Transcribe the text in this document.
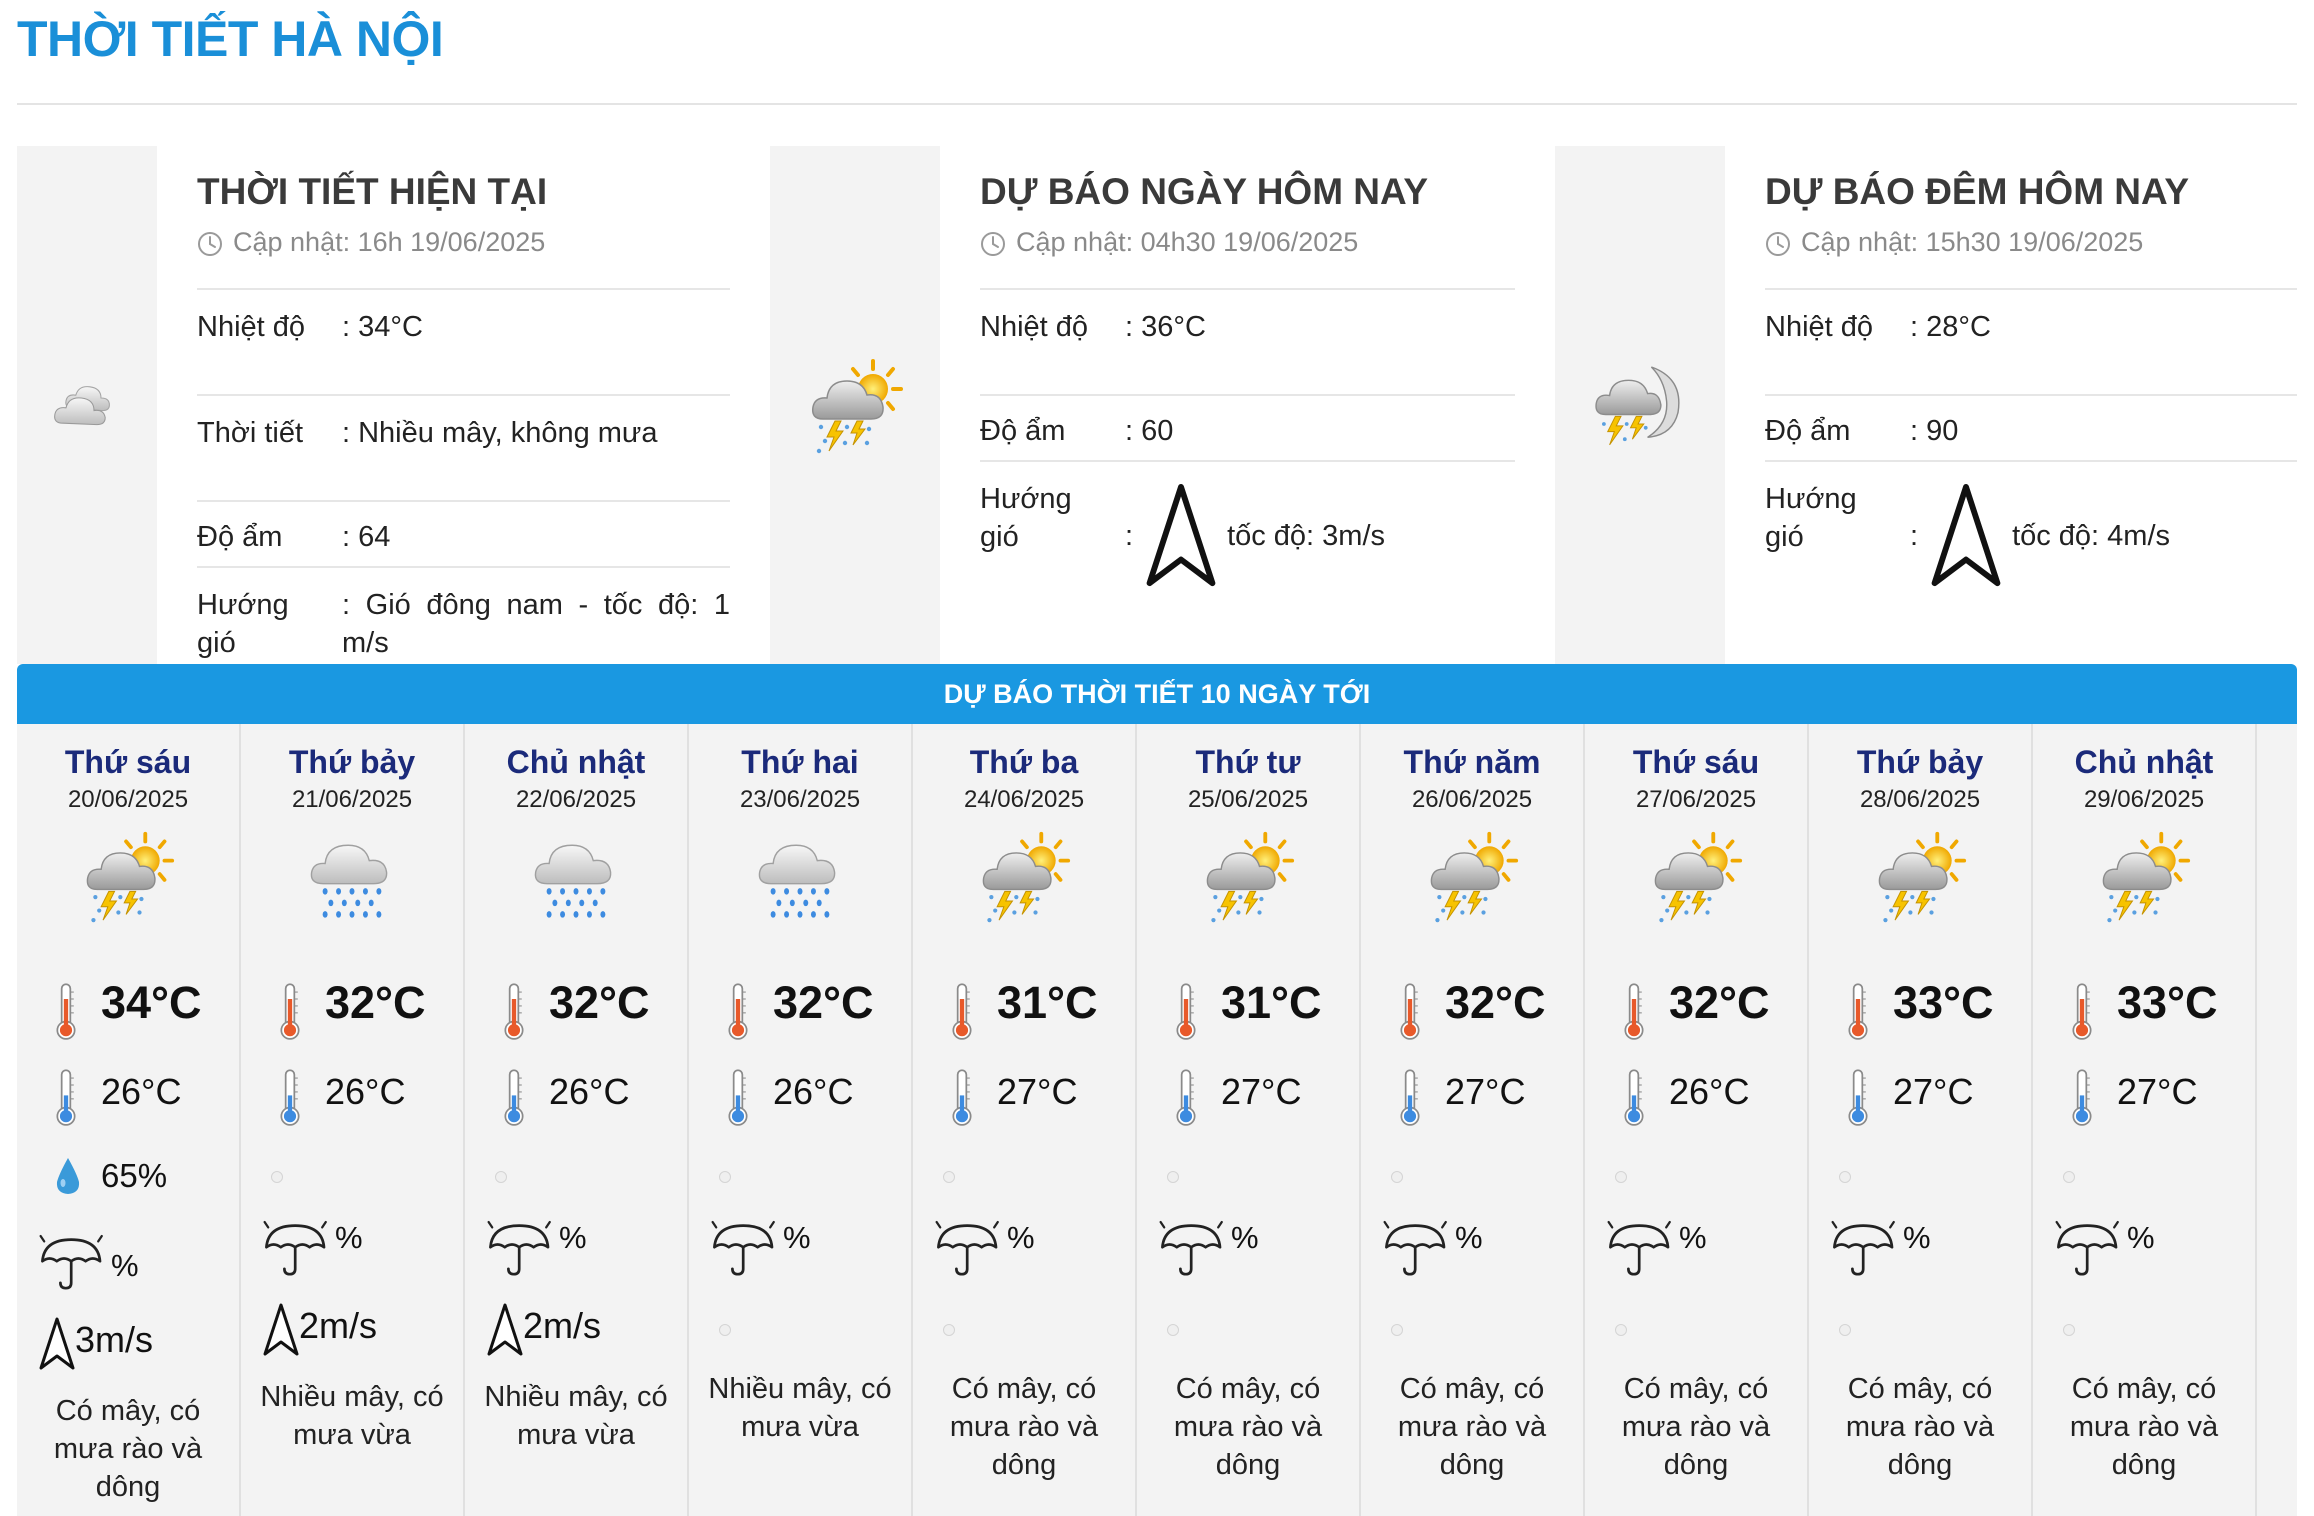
THỜI TIẾT HÀ NỘI
THỜI TIẾT HIỆN TẠI
Cập nhật: 16h 19/06/2025
Nhiệt độ	: 34°C
Thời tiết	: Nhiều mây, không mưa
Độ ẩm	: 64
Hướng gió
: Gió đông nam - tốc độ: 1 m/s
DỰ BÁO NGÀY HÔM NAY
Cập nhật: 04h30 19/06/2025
Nhiệt độ	: 36°C
Độ ẩm	: 60
Hướng gió	:	tốc độ: 3m/s
DỰ BÁO ĐÊM HÔM NAY
Cập nhật: 15h30 19/06/2025
Nhiệt độ	: 28°C
Độ ẩm	: 90
Hướng gió	:	tốc độ: 4m/s
DỰ BÁO THỜI TIẾT 10 NGÀY TỚI
Thứ sáu
20/06/2025
34°C
26°C
65%
%
3m/s
Có mây, có mưa rào và dông
Thứ bảy
21/06/2025
32°C
26°C
%
2m/s
Nhiều mây, có mưa vừa
Chủ nhật
22/06/2025
32°C
26°C
%
2m/s
Nhiều mây, có mưa vừa
Thứ hai
23/06/2025
32°C
26°C
%
Nhiều mây, có mưa vừa
Thứ ba
24/06/2025
31°C
27°C
%
Có mây, có mưa rào và dông
Thứ tư
25/06/2025
31°C
27°C
%
Có mây, có mưa rào và dông
Thứ năm
26/06/2025
32°C
27°C
%
Có mây, có mưa rào và dông
Thứ sáu
27/06/2025
32°C
26°C
%
Có mây, có mưa rào và dông
Thứ bảy
28/06/2025
33°C
27°C
%
Có mây, có mưa rào và dông
Chủ nhật
29/06/2025
33°C
27°C
%
Có mây, có mưa rào và dông
